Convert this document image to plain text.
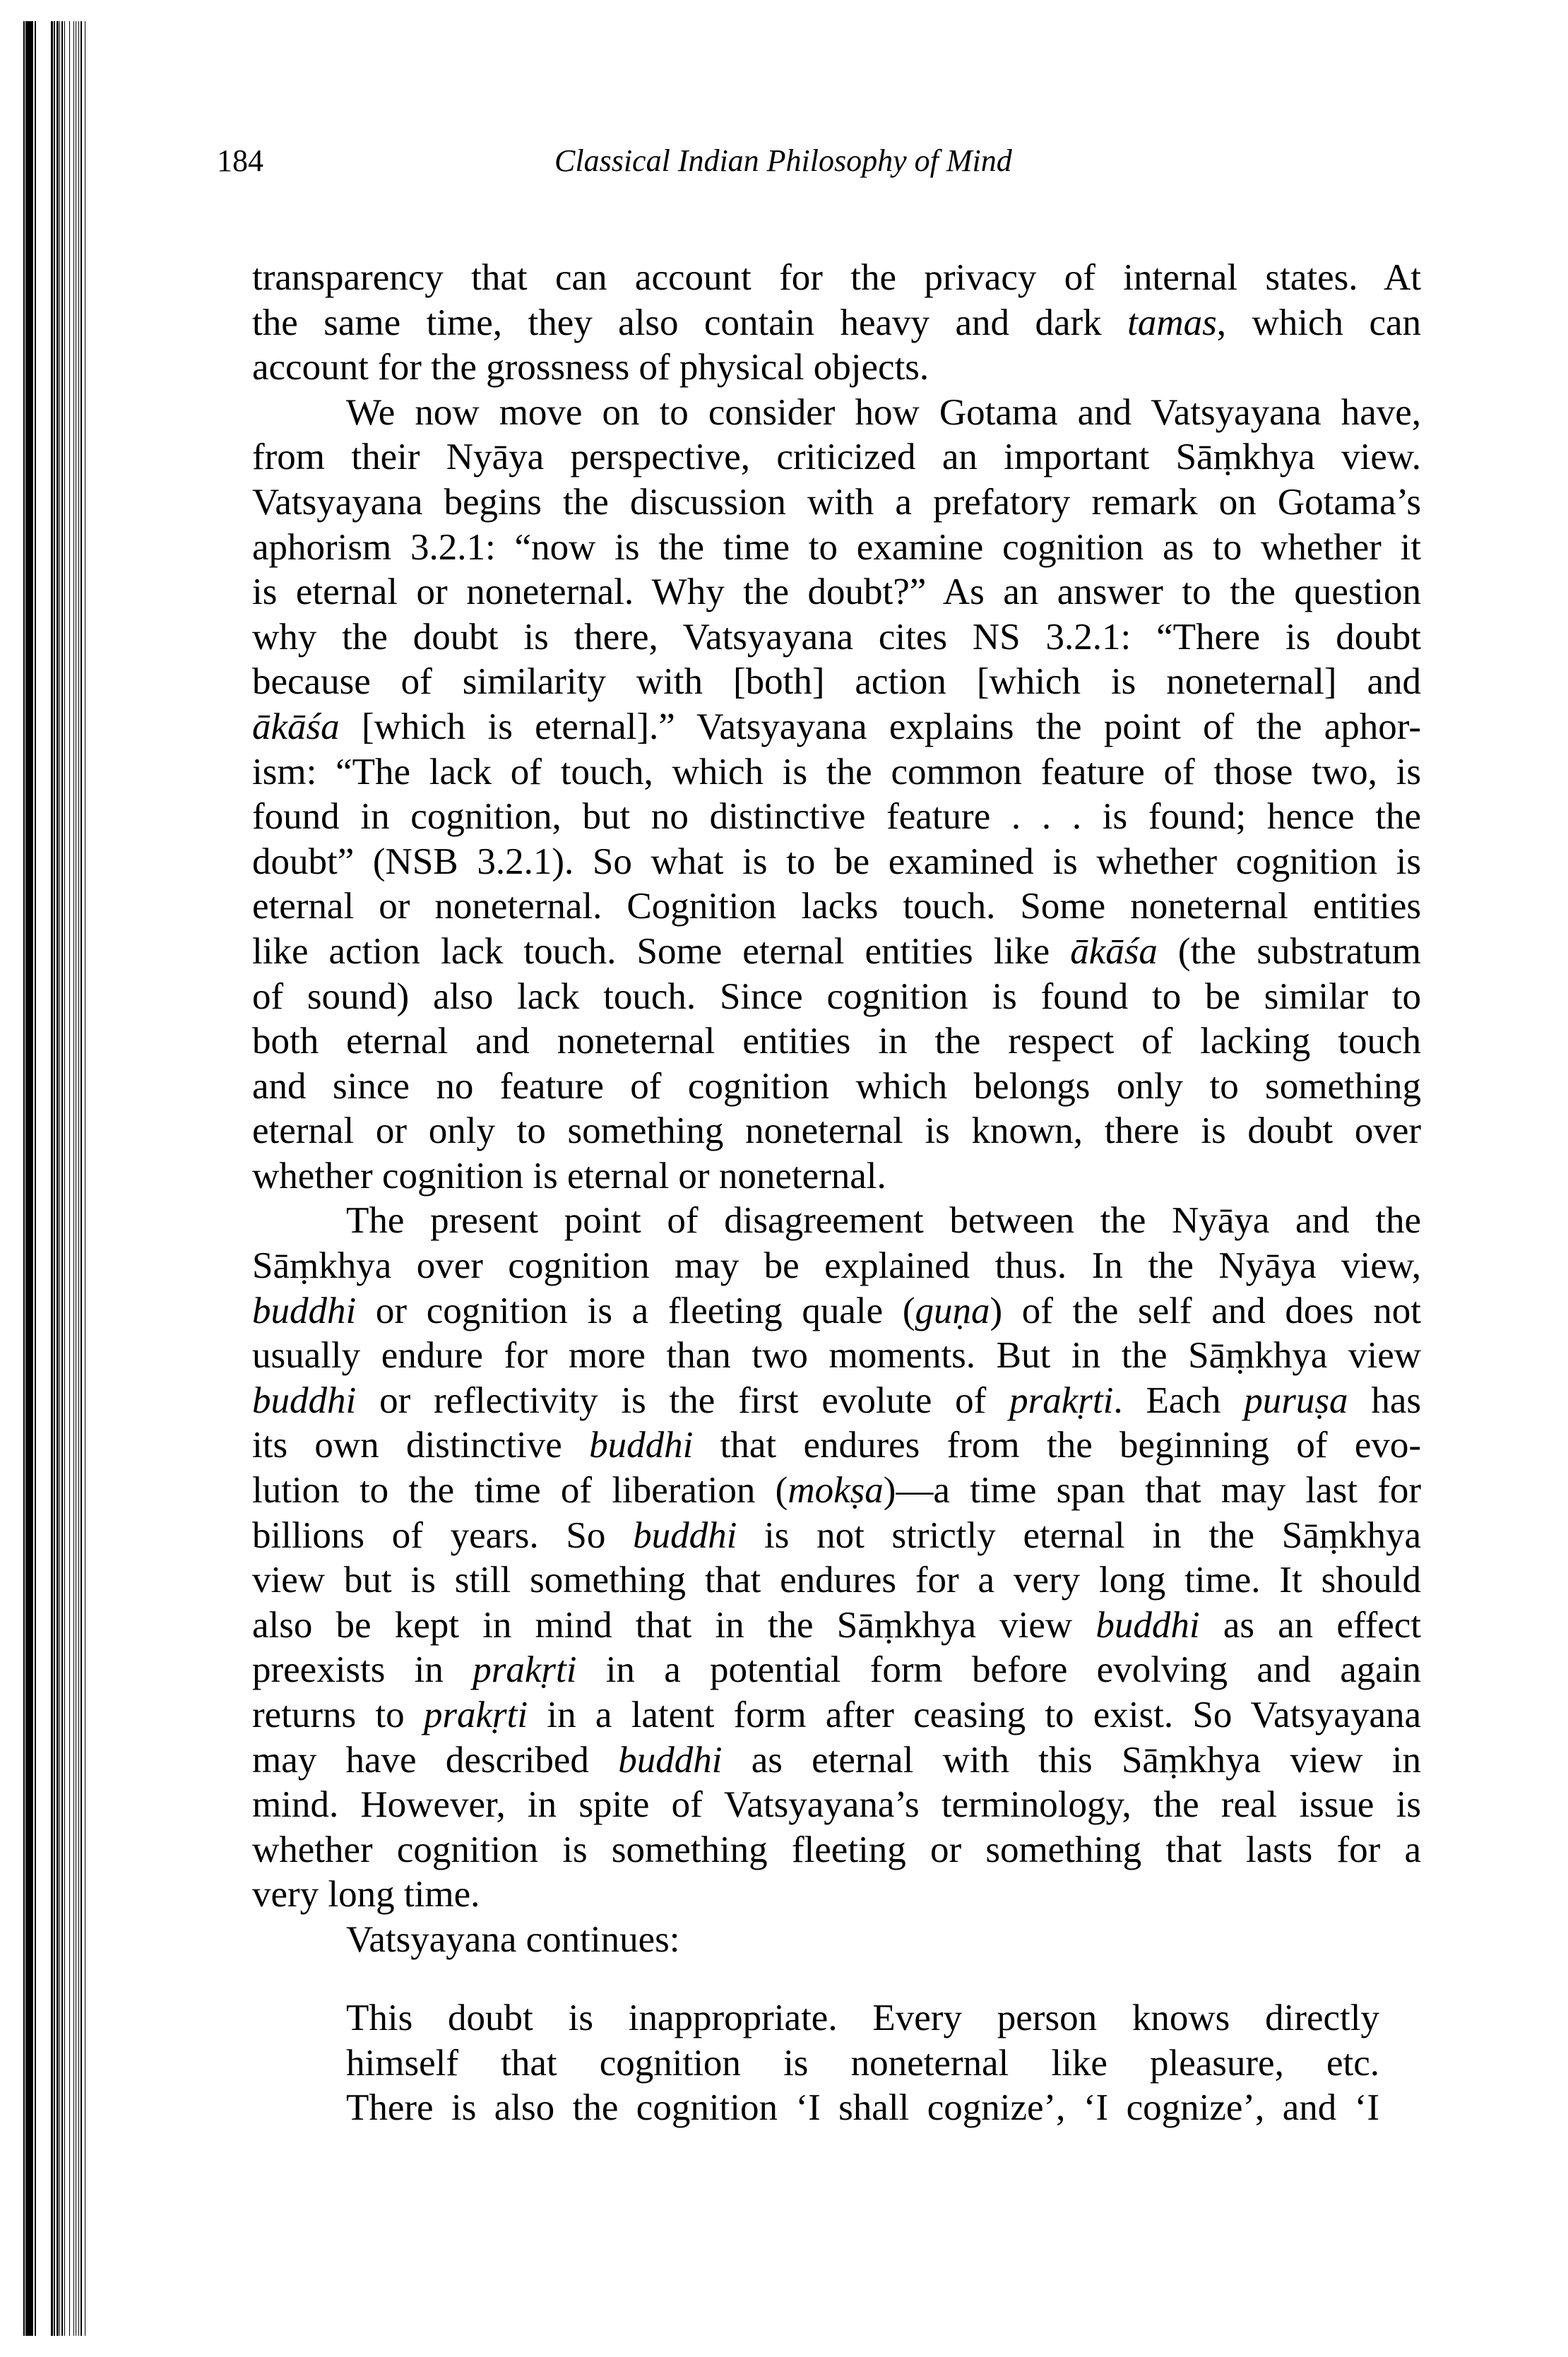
184	Classical Indian Philosophy of Mind
transparency that can account for the privacy of internal states. At
the same time, they also contain heavy and dark tamas, which can
account for the grossness of physical objects.
We now move on to consider how Gotama and Vatsyayana have,
from their Nyāya perspective, criticized an important Sāṃkhya view.
Vatsyayana begins the discussion with a prefatory remark on Gotama’s
aphorism 3.2.1: “now is the time to examine cognition as to whether it
is eternal or noneternal. Why the doubt?” As an answer to the question
why the doubt is there, Vatsyayana cites NS 3.2.1: “There is doubt
because of similarity with [both] action [which is noneternal] and
ākāśa [which is eternal].” Vatsyayana explains the point of the aphor-
ism: “The lack of touch, which is the common feature of those two, is
found in cognition, but no distinctive feature . . . is found; hence the
doubt” (NSB 3.2.1). So what is to be examined is whether cognition is
eternal or noneternal. Cognition lacks touch. Some noneternal entities
like action lack touch. Some eternal entities like ākāśa (the substratum
of sound) also lack touch. Since cognition is found to be similar to
both eternal and noneternal entities in the respect of lacking touch
and since no feature of cognition which belongs only to something
eternal or only to something noneternal is known, there is doubt over
whether cognition is eternal or noneternal.
The present point of disagreement between the Nyāya and the
Sāṃkhya over cognition may be explained thus. In the Nyāya view,
buddhi or cognition is a fleeting quale (guṇa) of the self and does not
usually endure for more than two moments. But in the Sāṃkhya view
buddhi or reflectivity is the first evolute of prakṛti. Each puruṣa has
its own distinctive buddhi that endures from the beginning of evo-
lution to the time of liberation (mokṣa)—a time span that may last for
billions of years. So buddhi is not strictly eternal in the Sāṃkhya
view but is still something that endures for a very long time. It should
also be kept in mind that in the Sāṃkhya view buddhi as an effect
preexists in prakṛti in a potential form before evolving and again
returns to prakṛti in a latent form after ceasing to exist. So Vatsyayana
may have described buddhi as eternal with this Sāṃkhya view in
mind. However, in spite of Vatsyayana’s terminology, the real issue is
whether cognition is something fleeting or something that lasts for a
very long time.
Vatsyayana continues:
This doubt is inappropriate. Every person knows directly
himself that cognition is noneternal like pleasure, etc.
There is also the cognition ‘I shall cognize’, ‘I cognize’, and ‘I
